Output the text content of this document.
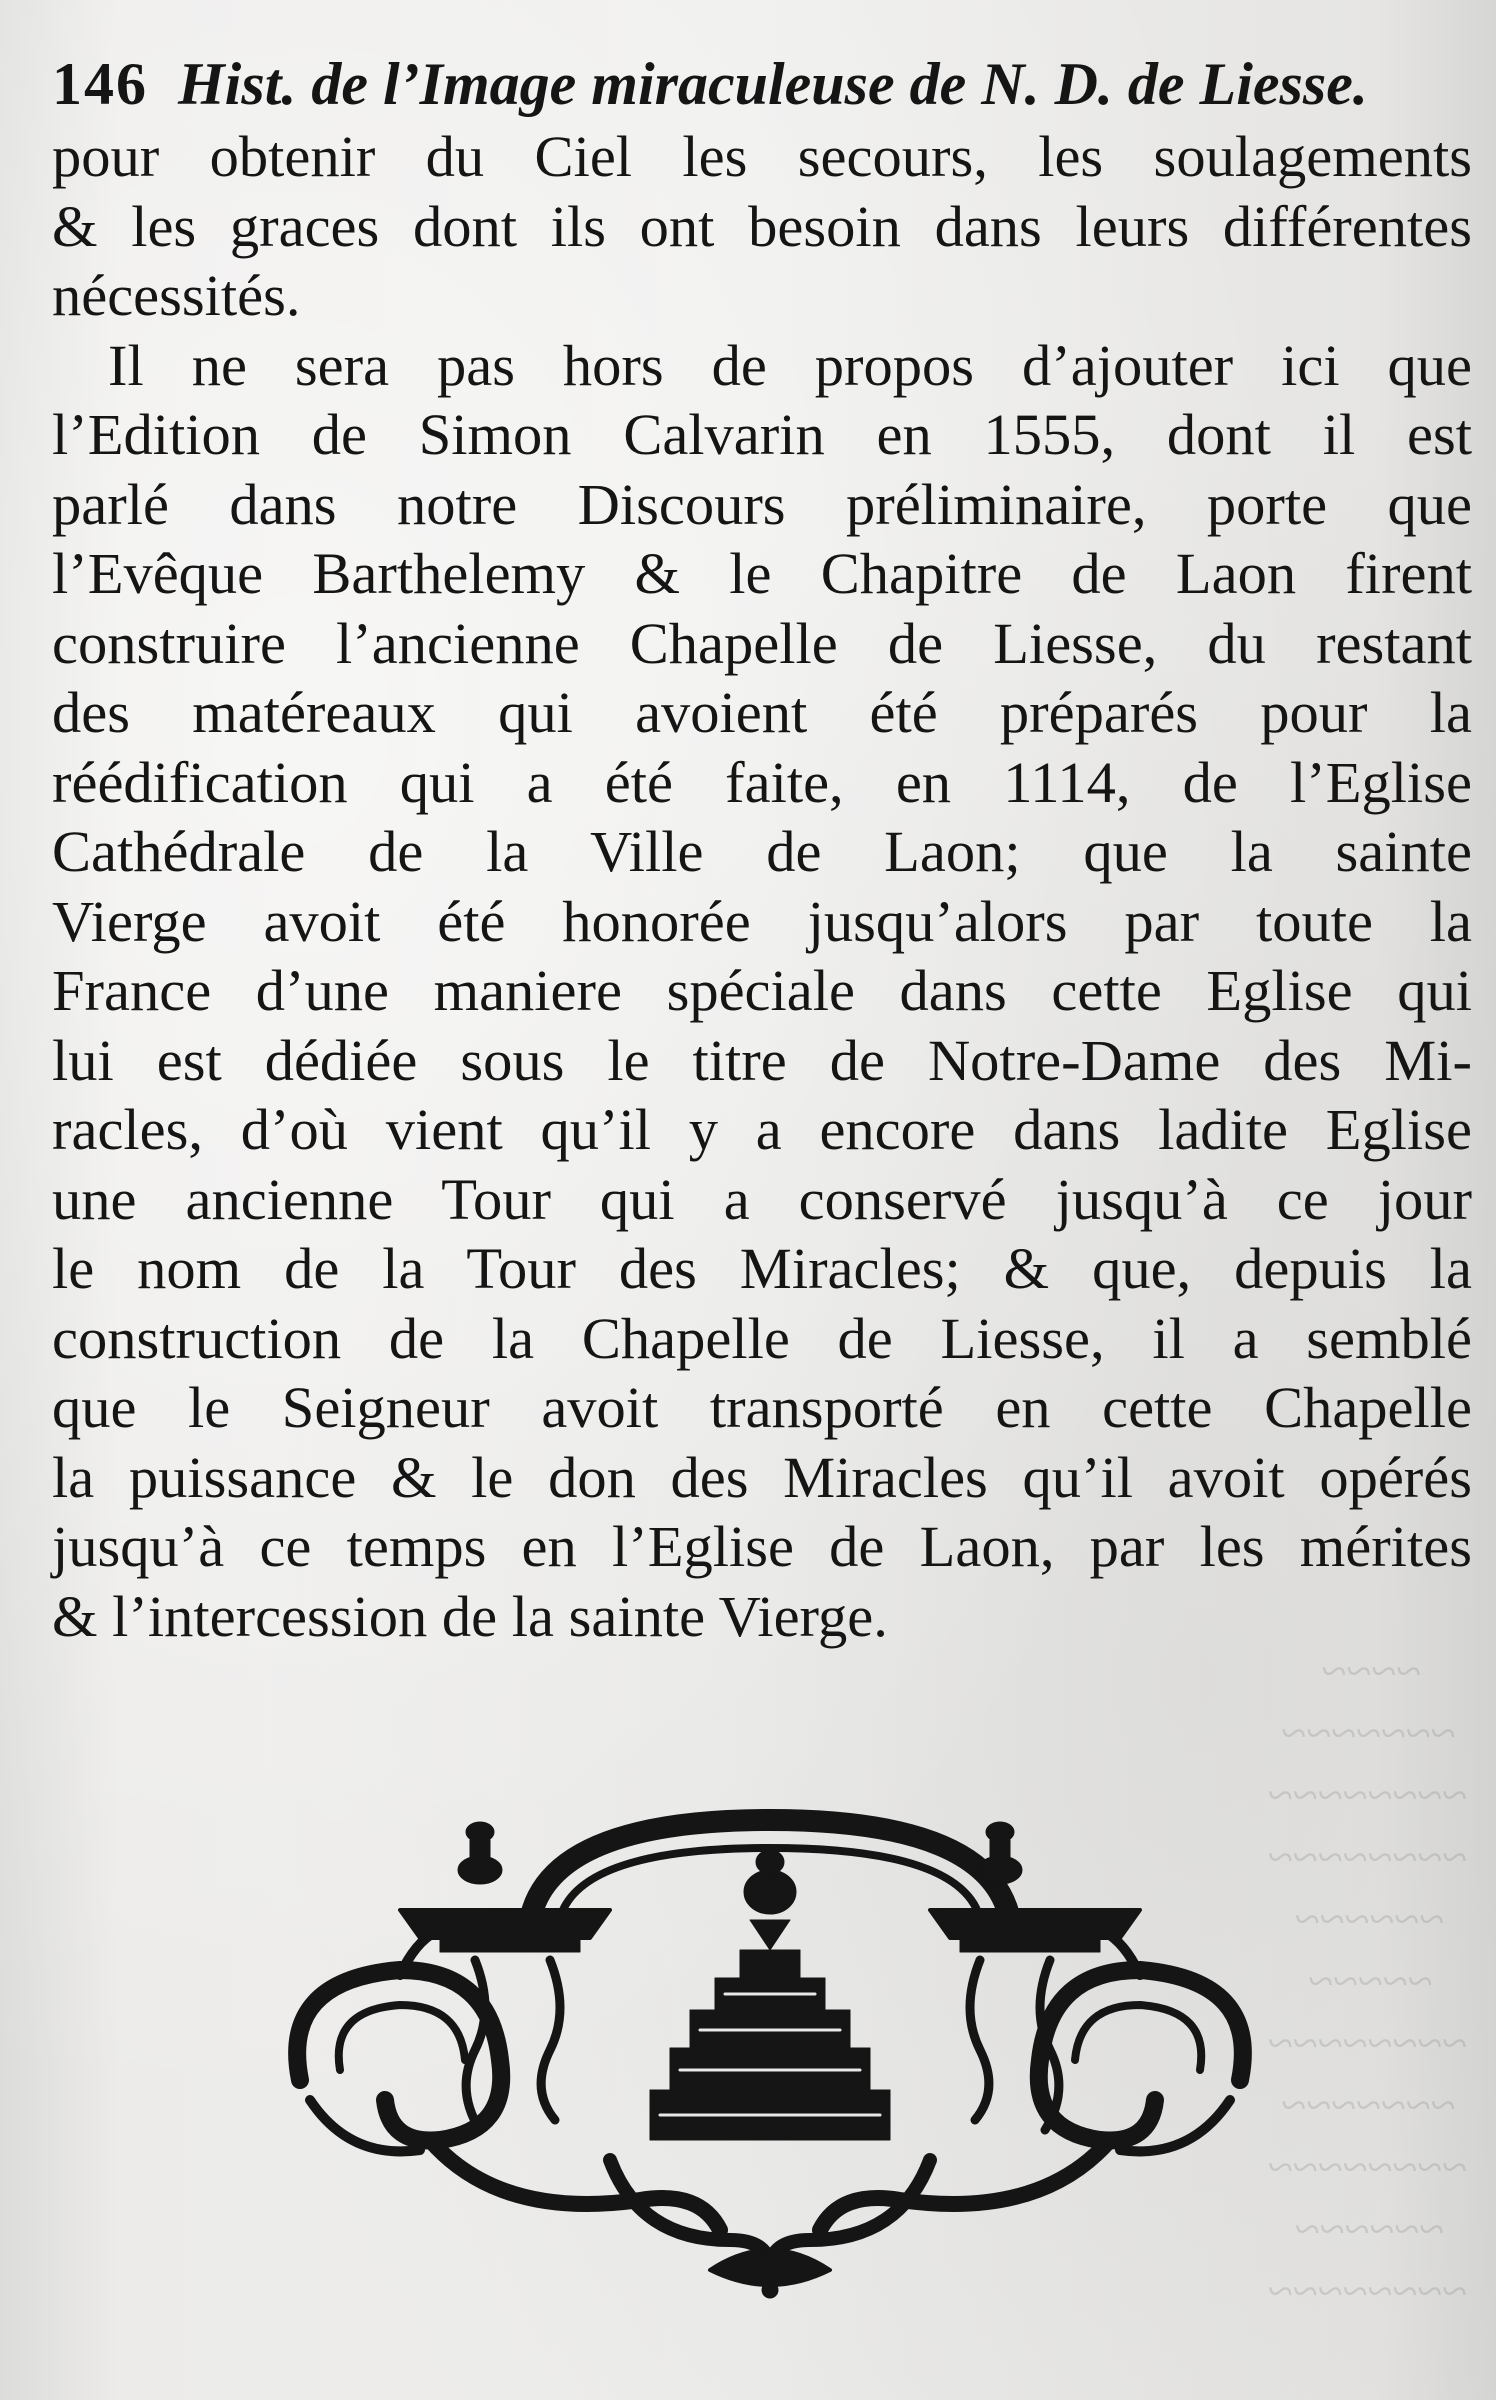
~~~~
~~~~~~~
~~~~~~~~
~~~~~~~~
~~~~~~
~~~~~
~~~~~~~~
~~~~~~~
~~~~~~~~
~~~~~~
~~~~~~~~
146 Hist. de l’Image miraculeuse de N. D. de Liesse.
pour obtenir du Ciel les secours, les soulagements
& les graces dont ils ont besoin dans leurs différentes
nécessités.
Il ne sera pas hors de propos d’ajouter ici que
l’Edition de Simon Calvarin en 1555, dont il est
parlé dans notre Discours préliminaire, porte que
l’Evêque Barthelemy & le Chapitre de Laon firent
construire l’ancienne Chapelle de Liesse, du restant
des matéreaux qui avoient été préparés pour la
réédification qui a été faite, en 1114, de l’Eglise
Cathédrale de la Ville de Laon; que la sainte
Vierge avoit été honorée jusqu’alors par toute la
France d’une maniere spéciale dans cette Eglise qui
lui est dédiée sous le titre de Notre-Dame des Mi-
racles, d’où vient qu’il y a encore dans ladite Eglise
une ancienne Tour qui a conservé jusqu’à ce jour
le nom de la Tour des Miracles; & que, depuis la
construction de la Chapelle de Liesse, il a semblé
que le Seigneur avoit transporté en cette Chapelle
la puissance & le don des Miracles qu’il avoit opérés
jusqu’à ce temps en l’Eglise de Laon, par les mérites
& l’intercession de la sainte Vierge.
